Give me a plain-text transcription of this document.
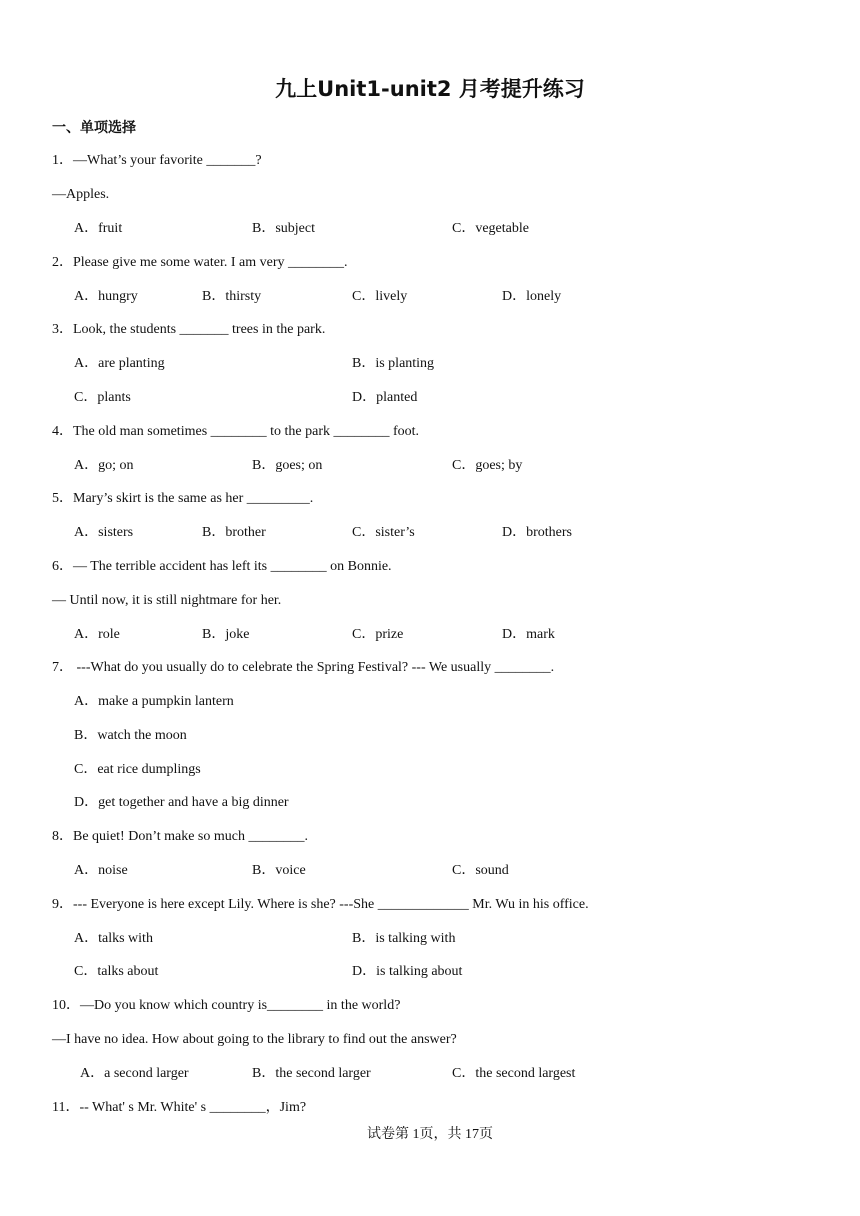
九上Unit1-unit2 月考提升练习
一、单项选择
1．—What’s your favorite _______?
—Apples.
A．fruit	B．subject	C．vegetable
2．Please give me some water. I am very ________.
A．hungry	B．thirsty	C．lively	D．lonely
3．Look, the students _______ trees in the park.
A．are planting	B．is planting
C．plants	D．planted
4．The old man sometimes ________ to the park ________ foot.
A．go; on	B．goes; on	C．goes; by
5．Mary’s skirt is the same as her _________.
A．sisters	B．brother	C．sister’s	D．brothers
6．— The terrible accident has left its ________ on Bonnie.
— Until now, it is still nightmare for her.
A．role	B．joke	C．prize	D．mark
7． ---What do you usually do to celebrate the Spring Festival? --- We usually ________.
A．make a pumpkin lantern
B．watch the moon
C．eat rice dumplings
D．get together and have a big dinner
8．Be quiet! Don’t make so much ________.
A．noise	B．voice	C．sound
9．--- Everyone is here except Lily. Where is she? ---She _____________ Mr. Wu in his office.
A．talks with	B．is talking with
C．talks about	D．is talking about
10．—Do you know which country is________ in the world?
—I have no idea. How about going to the library to find out the answer?
A．a second larger	B．the second larger	C．the second largest
11．-- What' s Mr. White' s ________，Jim?
试卷第 1页，共 17页
